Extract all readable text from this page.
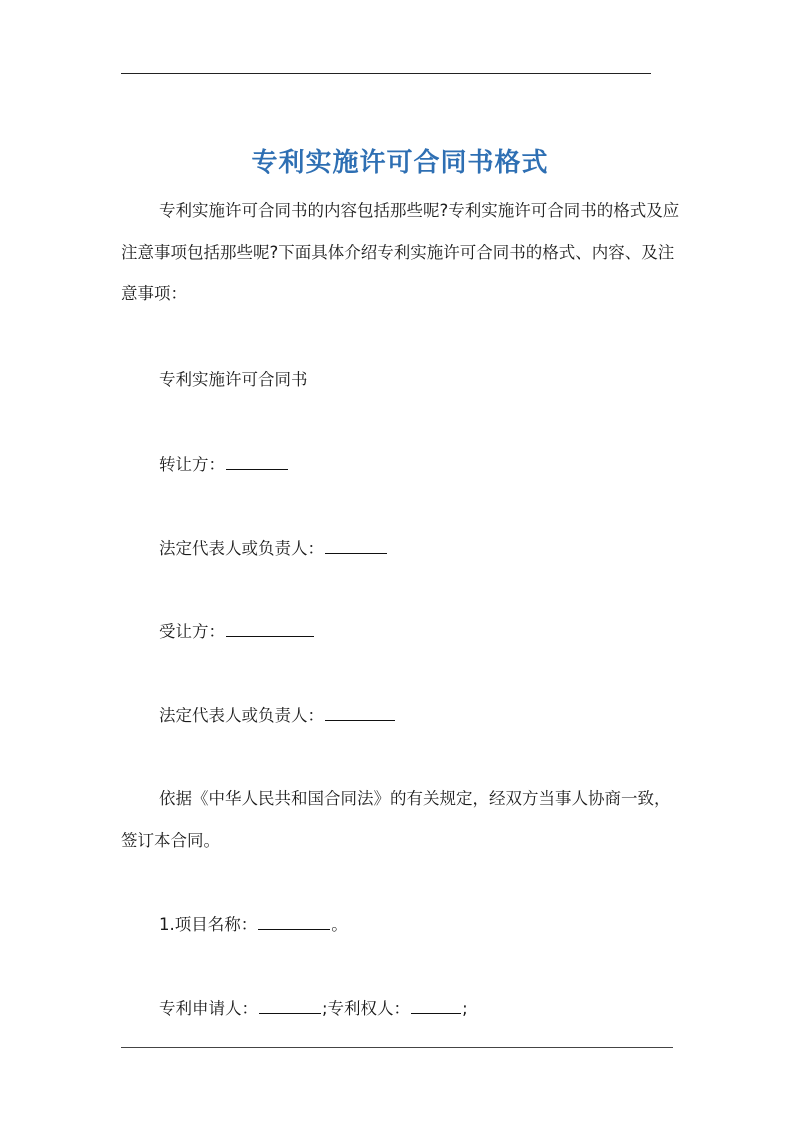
专利实施许可合同书格式
专利实施许可合同书的内容包括那些呢?专利实施许可合同书的格式及应注意事项包括那些呢?下面具体介绍专利实施许可合同书的格式、内容、及注意事项：
专利实施许可合同书
转让方：
法定代表人或负责人：
受让方：
法定代表人或负责人：
依据《中华人民共和国合同法》的有关规定，经双方当事人协商一致，签订本合同。
1.项目名称：	。
专利申请人：	;专利权人：	;
